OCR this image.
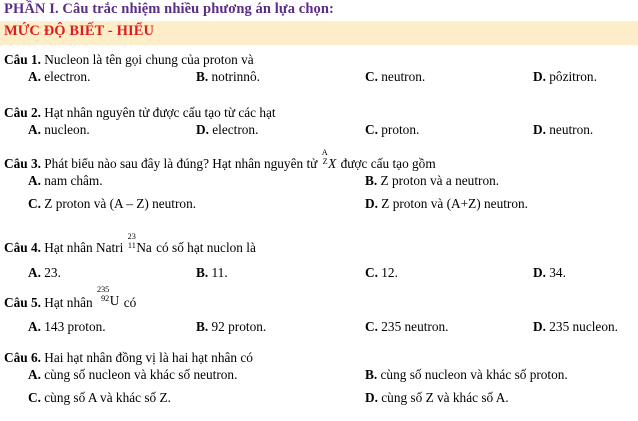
PHẦN I. Câu trắc nhiệm nhiều phương án lựa chọn:
MỨC ĐỘ BIẾT - HIỂU
Câu 1. Nucleon là tên gọi chung của proton và
A. electron.	B. notrinnô.	C. neutron.	D. pôzitron.
Câu 2. Hạt nhân nguyên tử được cấu tạo từ các hạt
A. nucleon.	D. electron.	C. proton.	D. neutron.
Câu 3. Phát biểu nào sau đây là đúng? Hạt nhân nguyên tử
A
Z X được cấu tạo gồm
A. nam châm.	B. Z proton và a neutron.
C. Z proton và (A – Z) neutron.	D. Z proton và (A+Z) neutron.
Câu 4. Hạt nhân Natri
23
11 Na có số hạt nuclon là
A. 23.	B. 11.	C. 12.	D. 34.
Câu 5. Hạt nhân
235
92 U có
A. 143 proton.	B. 92 proton.	C. 235 neutron.	D. 235 nucleon.
Câu 6. Hai hạt nhân đồng vị là hai hạt nhân có
A. cùng số nucleon và khác số neutron.	B. cùng số nucleon và khác số proton.
C. cùng số A và khác số Z.	D. cùng số Z và khác số A.
